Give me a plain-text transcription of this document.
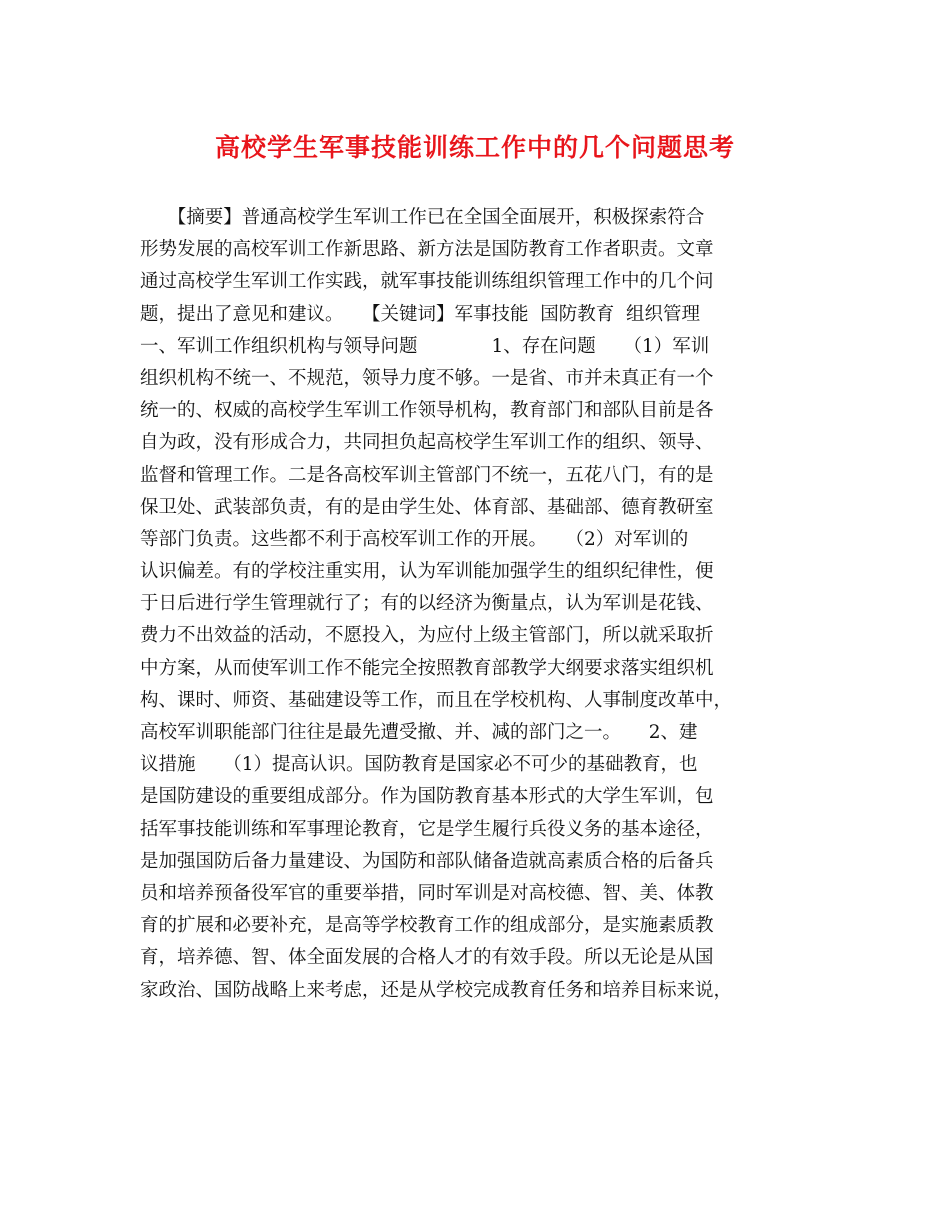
高校学生军事技能训练工作中的几个问题思考
　　【摘要】普通高校学生军训工作已在全国全面展开，积极探索符合
形势发展的高校军训工作新思路、新方法是国防教育工作者职责。文章
通过高校学生军训工作实践，就军事技能训练组织管理工作中的几个问
题，提出了意见和建议。　　【关键词】军事技能  国防教育  组织管理
一、军训工作组织机构与领导问题　　　　1、存在问题　　（1）军训
组织机构不统一、不规范，领导力度不够。一是省、市并未真正有一个
统一的、权威的高校学生军训工作领导机构，教育部门和部队目前是各
自为政，没有形成合力，共同担负起高校学生军训工作的组织、领导、
监督和管理工作。二是各高校军训主管部门不统一，五花八门，有的是
保卫处、武装部负责，有的是由学生处、体育部、基础部、德育教研室
等部门负责。这些都不利于高校军训工作的开展。　　（2）对军训的
认识偏差。有的学校注重实用，认为军训能加强学生的组织纪律性，便
于日后进行学生管理就行了；有的以经济为衡量点，认为军训是花钱、
费力不出效益的活动，不愿投入，为应付上级主管部门，所以就采取折
中方案，从而使军训工作不能完全按照教育部教学大纲要求落实组织机
构、课时、师资、基础建设等工作，而且在学校机构、人事制度改革中，
高校军训职能部门往往是最先遭受撤、并、减的部门之一。　　2、建
议措施　　（1）提高认识。国防教育是国家必不可少的基础教育，也
是国防建设的重要组成部分。作为国防教育基本形式的大学生军训，包
括军事技能训练和军事理论教育，它是学生履行兵役义务的基本途径，
是加强国防后备力量建设、为国防和部队储备造就高素质合格的后备兵
员和培养预备役军官的重要举措，同时军训是对高校德、智、美、体教
育的扩展和必要补充，是高等学校教育工作的组成部分，是实施素质教
育，培养德、智、体全面发展的合格人才的有效手段。所以无论是从国
家政治、国防战略上来考虑，还是从学校完成教育任务和培养目标来说，
